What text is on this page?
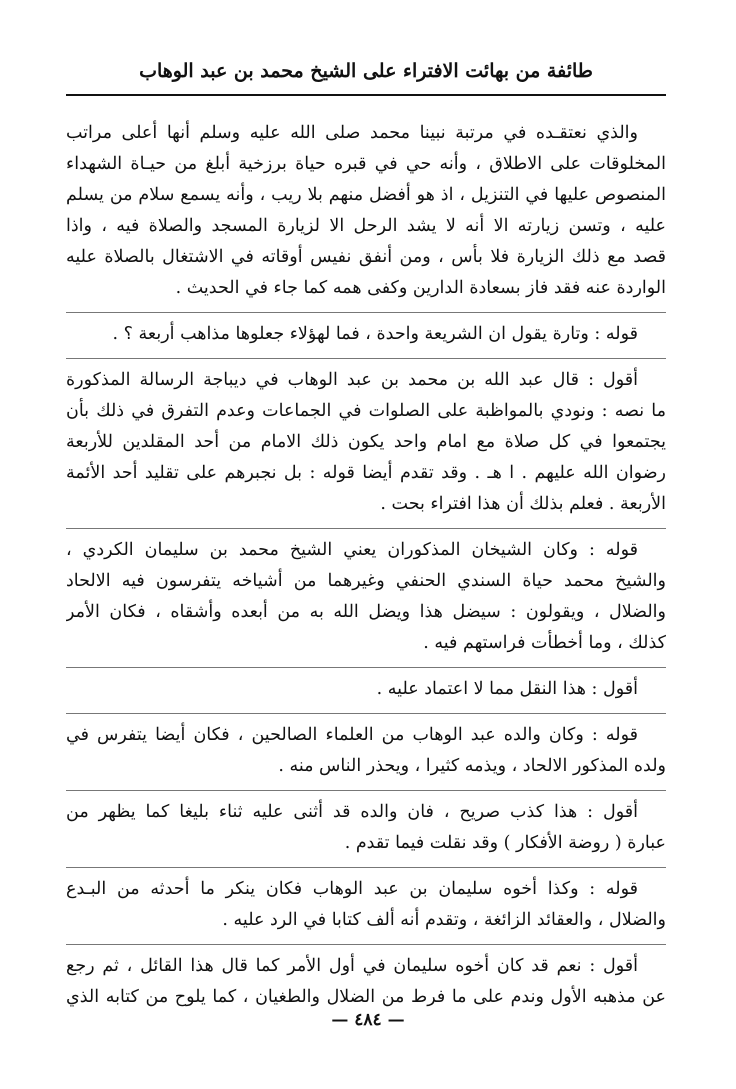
طائفة من بهائت الافتراء على الشيخ محمد بن عبد الوهاب
والذي نعتقـده في مرتبة نبينا محمد صلى الله عليه وسلم أنها أعلى مراتب
المخلوقات على الاطلاق ، وأنه حي في قبره حياة برزخية أبلغ من حيـاة الشهداء
المنصوص عليها في التنزيل ، اذ هو أفضل منهم بلا ريب ، وأنه يسمع سلام من يسلم
عليه ، وتسن زيارته الا أنه لا يشد الرحل الا لزيارة المسجد والصلاة فيه ، واذا
قصد مع ذلك الزيارة فلا بأس ، ومن أنفق نفيس أوقاته في الاشتغال بالصلاة عليه
الواردة عنه فقد فاز بسعادة الدارين وكفى همه كما جاء في الحديث .
قوله : وتارة يقول ان الشريعة واحدة ، فما لهؤلاء جعلوها مذاهب أربعة ؟ .
أقول : قال عبد الله بن محمد بن عبد الوهاب في ديباجة الرسالة المذكورة
ما نصه : ونودي بالمواظبة على الصلوات في الجماعات وعدم التفرق في ذلك بأن
يجتمعوا في كل صلاة مع امام واحد يكون ذلك الامام من أحد المقلدين للأربعة
رضوان الله عليهم . ا هـ . وقد تقدم أيضا قوله : بل نجبرهم على تقليد أحد الأئمة
الأربعة . فعلم بذلك أن هذا افتراء بحت .
قوله : وكان الشيخان المذكوران يعني الشيخ محمد بن سليمان الكردي ،
والشيخ محمد حياة السندي الحنفي وغيرهما من أشياخه يتفرسون فيه الالحاد
والضلال ، ويقولون : سيضل هذا ويضل الله به من أبعده وأشقاه ، فكان الأمر
كذلك ، وما أخطأت فراستهم فيه .
أقول : هذا النقل مما لا اعتماد عليه .
قوله : وكان والده عبد الوهاب من العلماء الصالحين ، فكان أيضا يتفرس في
ولده المذكور الالحاد ، ويذمه كثيرا ، ويحذر الناس منه .
أقول : هذا كذب صريح ، فان والده قد أثنى عليه ثناء بليغا كما يظهر من
عبارة ( روضة الأفكار ) وقد نقلت فيما تقدم .
قوله : وكذا أخوه سليمان بن عبد الوهاب فكان ينكر ما أحدثه من البـدع
والضلال ، والعقائد الزائغة ، وتقدم أنه ألف كتابا في الرد عليه .
أقول : نعم قد كان أخوه سليمان في أول الأمر كما قال هذا القائل ، ثم رجع
عن مذهبه الأول وندم على ما فرط من الضلال والطغيان ، كما يلوح من كتابه الذي
— ٤٨٤ —
